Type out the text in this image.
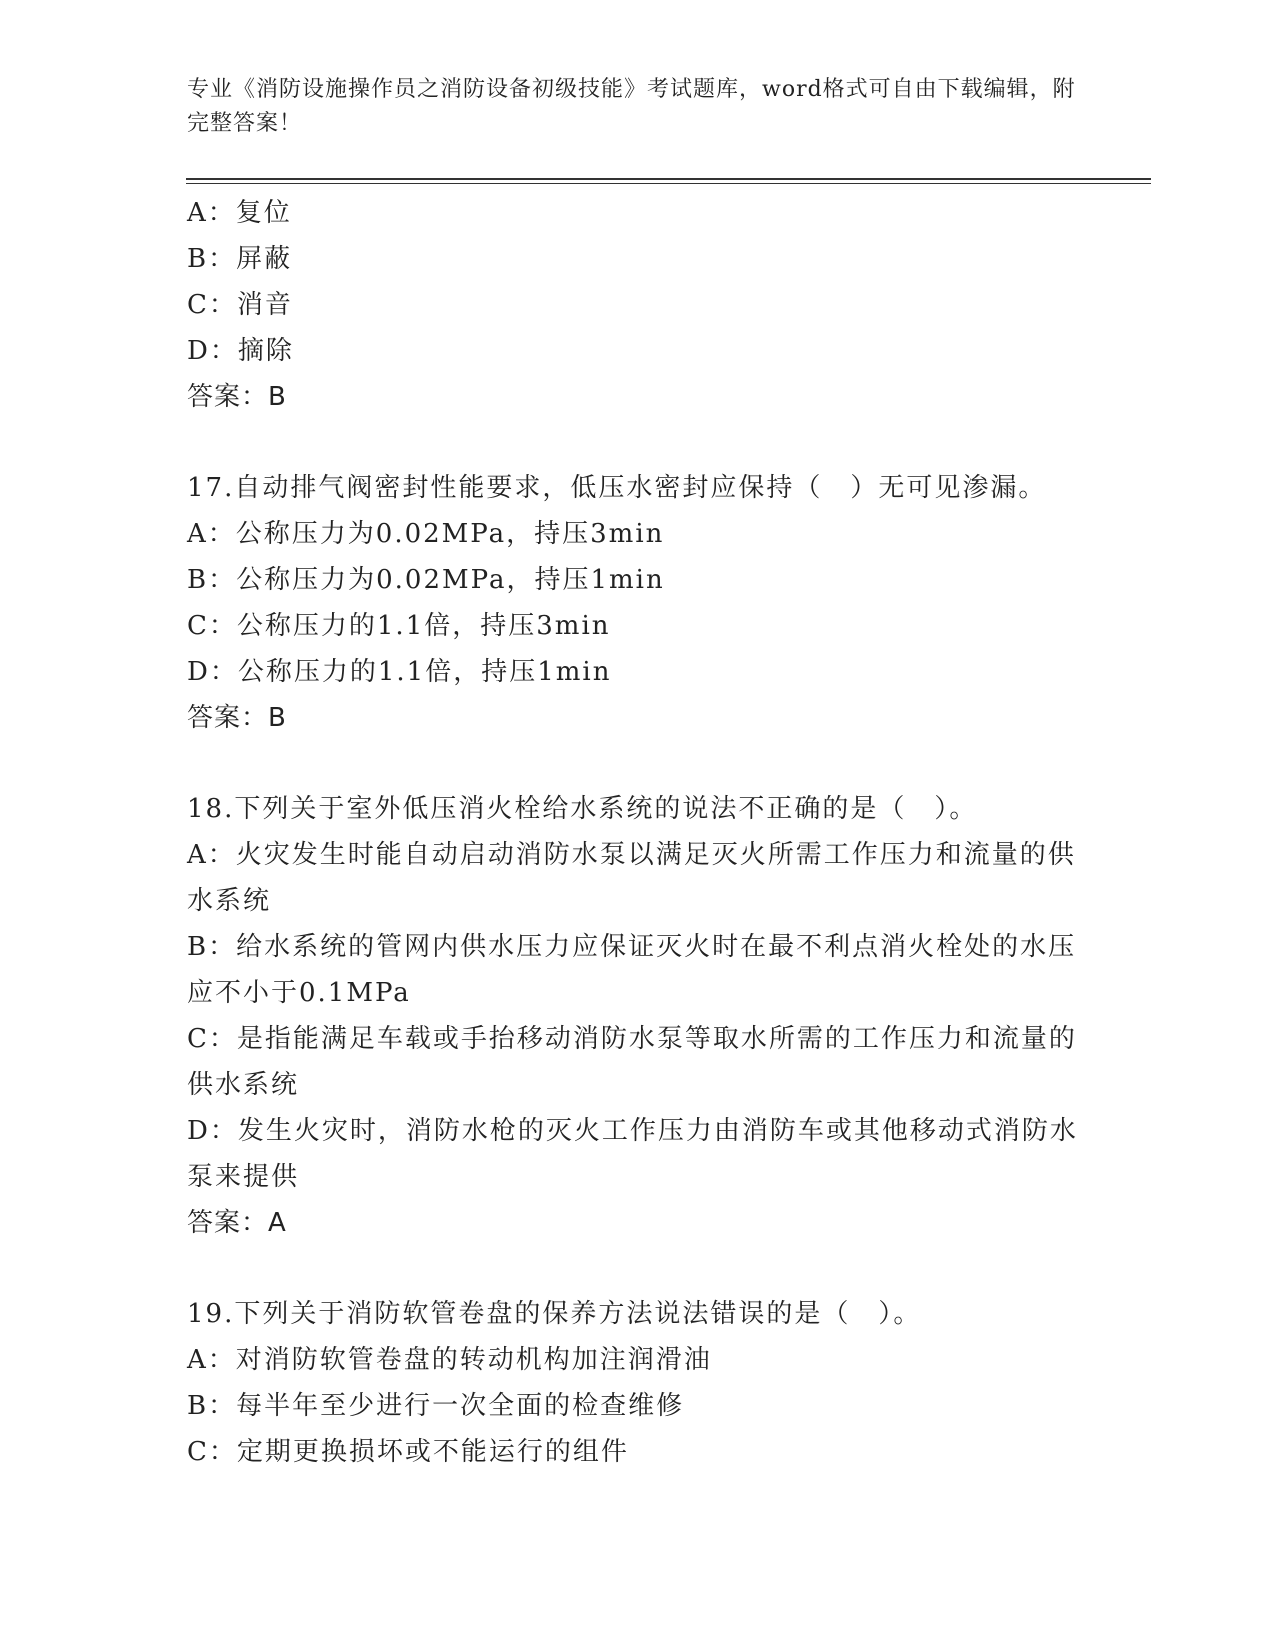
专业《消防设施操作员之消防设备初级技能》考试题库，word格式可自由下载编辑，附完整答案！
A：复位
B：屏蔽
C：消音
D：摘除
答案：B
17.自动排气阀密封性能要求，低压水密封应保持（　）无可见渗漏。
A：公称压力为0.02MPa，持压3min
B：公称压力为0.02MPa，持压1min
C：公称压力的1.1倍，持压3min
D：公称压力的1.1倍，持压1min
答案：B
18.下列关于室外低压消火栓给水系统的说法不正确的是（　）。
A：火灾发生时能自动启动消防水泵以满足灭火所需工作压力和流量的供水系统
B：给水系统的管网内供水压力应保证灭火时在最不利点消火栓处的水压应不小于0.1MPa
C：是指能满足车载或手抬移动消防水泵等取水所需的工作压力和流量的供水系统
D：发生火灾时，消防水枪的灭火工作压力由消防车或其他移动式消防水泵来提供
答案：A
19.下列关于消防软管卷盘的保养方法说法错误的是（　）。
A：对消防软管卷盘的转动机构加注润滑油
B：每半年至少进行一次全面的检查维修
C：定期更换损坏或不能运行的组件
